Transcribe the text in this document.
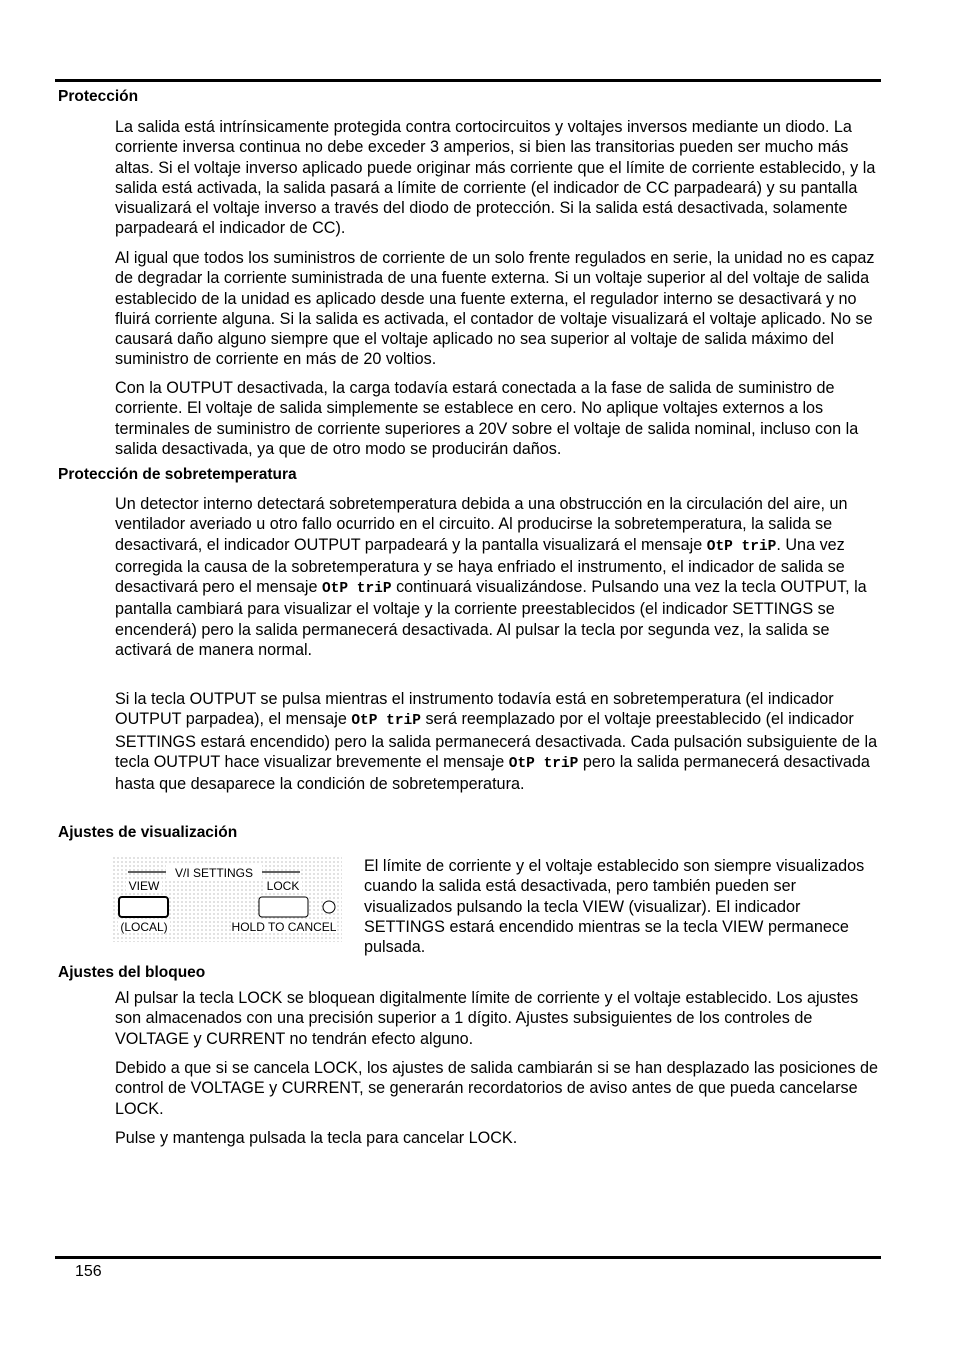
Protección

La salida está intrínsicamente protegida contra cortocircuitos y voltajes inversos mediante un diodo. La corriente inversa continua no debe exceder 3 amperios, si bien las transitorias pueden ser mucho más altas. Si el voltaje inverso aplicado puede originar más corriente que el límite de corriente establecido, y la salida está activada, la salida pasará a límite de corriente (el indicador de CC parpadeará) y su pantalla visualizará el voltaje inverso a través del diodo de protección. Si la salida está desactivada, solamente parpadeará el indicador de CC).

Al igual que todos los suministros de corriente de un solo frente regulados en serie, la unidad no es capaz de degradar la corriente suministrada de una fuente externa. Si un voltaje superior al del voltaje de salida establecido de la unidad es aplicado desde una fuente externa, el regulador interno se desactivará y no fluirá corriente alguna. Si la salida es activada, el contador de voltaje visualizará el voltaje aplicado. No se causará daño alguno siempre que el voltaje aplicado no sea superior al voltaje de salida máximo del suministro de corriente en más de 20 voltios.

Con la OUTPUT desactivada, la carga todavía estará conectada a la fase de salida de suministro de corriente. El voltaje de salida simplemente se establece en cero. No aplique voltajes externos a los terminales de suministro de corriente superiores a 20V sobre el voltaje de salida nominal, incluso con la salida desactivada, ya que de otro modo se producirán daños.

Protección de sobretemperatura

Un detector interno detectará sobretemperatura debida a una obstrucción en la circulación del aire, un ventilador averiado u otro fallo ocurrido en el circuito. Al producirse la sobretemperatura, la salida se desactivará, el indicador OUTPUT parpadeará y la pantalla visualizará el mensaje OtP triP. Una vez corregida la causa de la sobretemperatura y se haya enfriado el instrumento, el indicador de salida se desactivará pero el mensaje OtP triP continuará visualizándose. Pulsando una vez la tecla OUTPUT, la pantalla cambiará para visualizar el voltaje y la corriente preestablecidos (el indicador SETTINGS se encenderá) pero la salida permanecerá desactivada. Al pulsar la tecla por segunda vez, la salida se activará de manera normal.

Si la tecla OUTPUT se pulsa mientras el instrumento todavía está en sobretemperatura (el indicador OUTPUT parpadea), el mensaje OtP triP será reemplazado por el voltaje preestablecido (el indicador SETTINGS estará encendido) pero la salida permanecerá desactivada. Cada pulsación subsiguiente de la tecla OUTPUT hace visualizar brevemente el mensaje OtP triP pero la salida permanecerá desactivada hasta que desaparece la condición de sobretemperatura.

Ajustes de visualización
V/I SETTINGS
VIEW	LOCK
(LOCAL)	HOLD TO CANCEL

El límite de corriente y el voltaje establecido son siempre visualizados cuando la salida está desactivada, pero también pueden ser visualizados pulsando la tecla VIEW (visualizar). El indicador SETTINGS estará encendido mientras se la tecla VIEW permanece pulsada.

Ajustes del bloqueo

Al pulsar la tecla LOCK se bloquean digitalmente límite de corriente y el voltaje establecido. Los ajustes son almacenados con una precisión superior a 1 dígito. Ajustes subsiguientes de los controles de VOLTAGE y CURRENT no tendrán efecto alguno.

Debido a que si se cancela LOCK, los ajustes de salida cambiarán si se han desplazado las posiciones de control de VOLTAGE y CURRENT, se generarán recordatorios de aviso antes de que pueda cancelarse LOCK.

Pulse y mantenga pulsada la tecla para cancelar LOCK.

156
